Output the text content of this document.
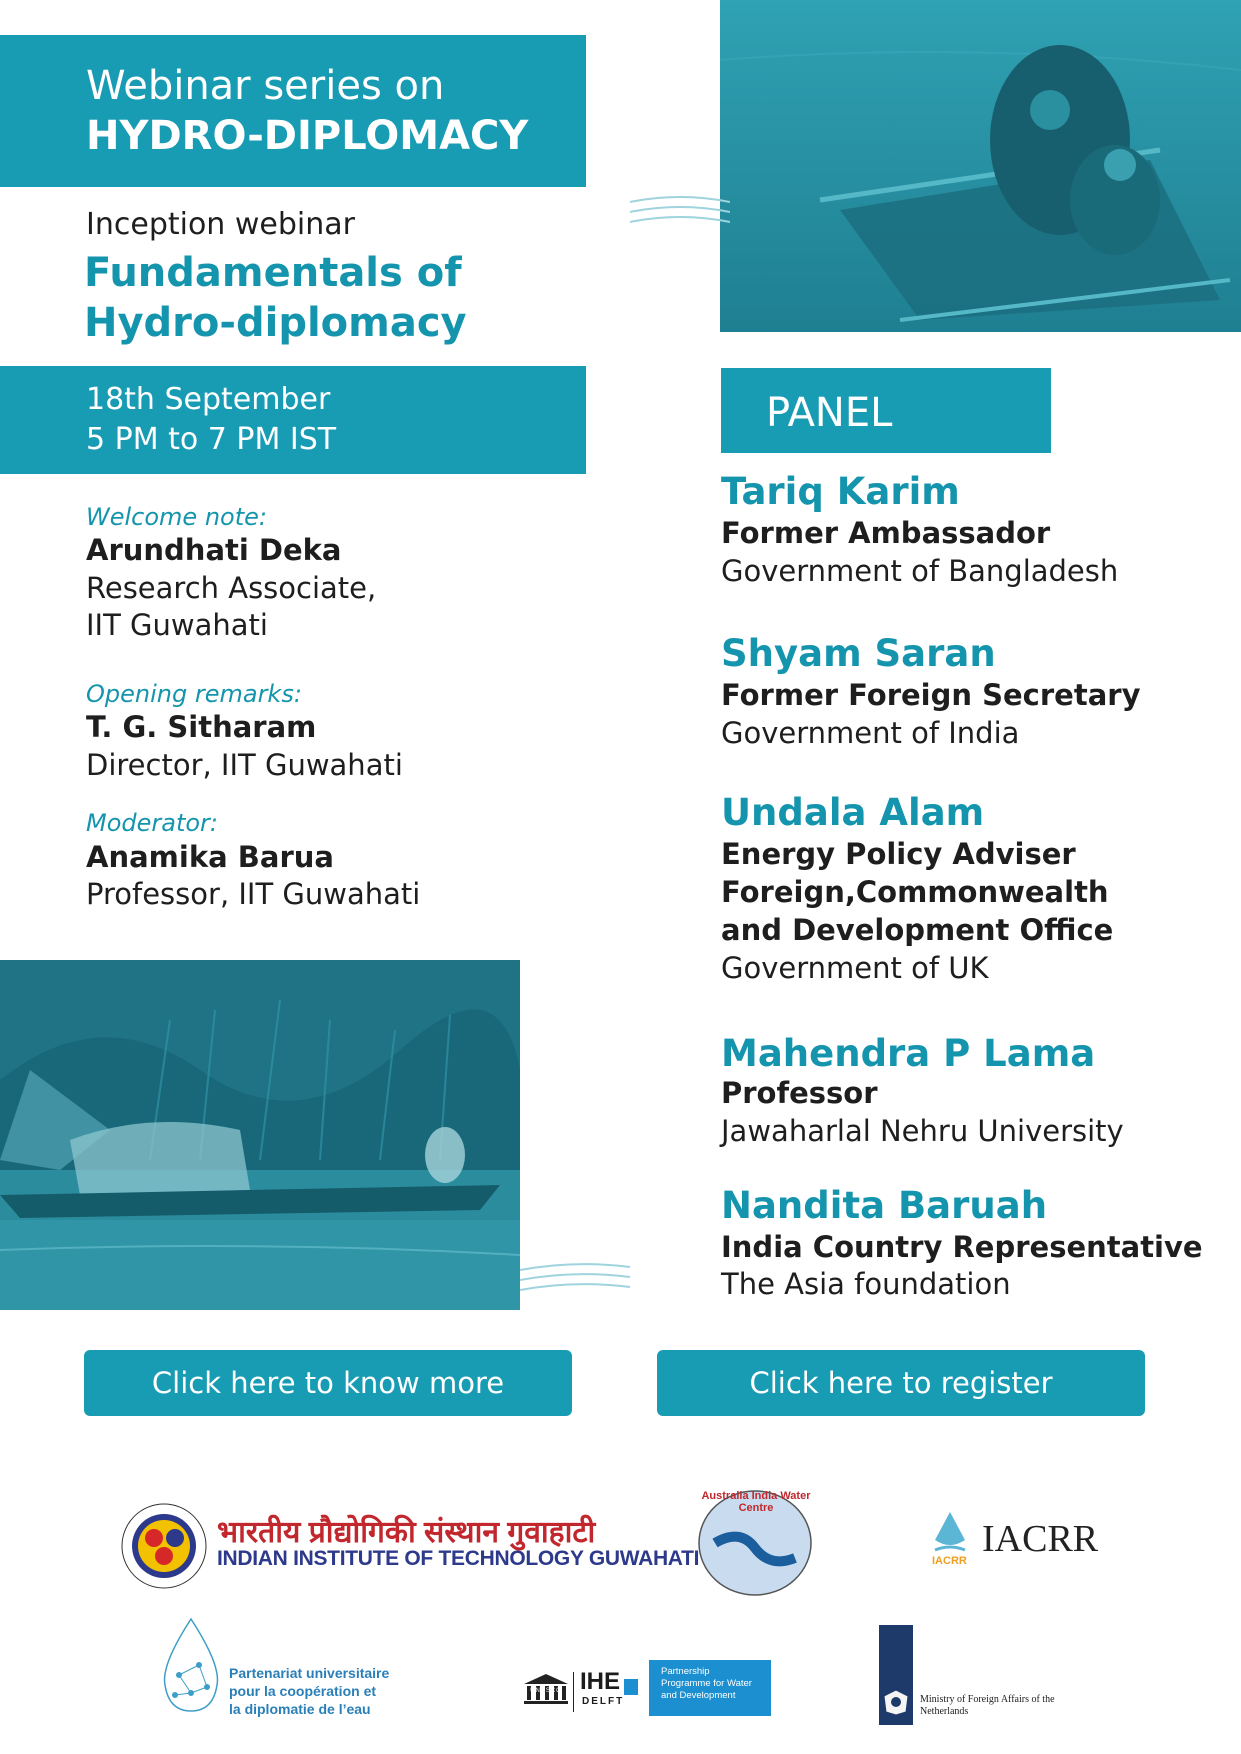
Webinar series on
HYDRO-DIPLOMACY
Inception webinar
Fundamentals of
Hydro-diplomacy
18th September
5 PM to 7 PM IST
Welcome note:
Arundhati Deka
Research Associate,
IIT Guwahati
Opening remarks:
T. G. Sitharam
Director, IIT Guwahati
Moderator:
Anamika Barua
Professor, IIT Guwahati
PANEL
Tariq Karim
Former Ambassador
Government of Bangladesh
Shyam Saran
Former Foreign Secretary
Government of India
Undala Alam
Energy Policy Adviser
Foreign,Commonwealth
and Development Office
Government of UK
Mahendra P Lama
Professor
Jawaharlal Nehru University
Nandita Baruah
India Country Representative
The Asia foundation
Click here to know more	Click here to register
भारतीय प्रौद्योगिकी संस्थान गुवाहाटी
INDIAN INSTITUTE OF TECHNOLOGY GUWAHATI
Australia India Water Centre
IACRR
IACRR
Partenariat universitaire
pour la coopération et
la diplomatie de l’eau
UNESCO IHE
DELFT
Partnership
Programme for Water
and Development	Ministry of Foreign Affairs of the
Netherlands
